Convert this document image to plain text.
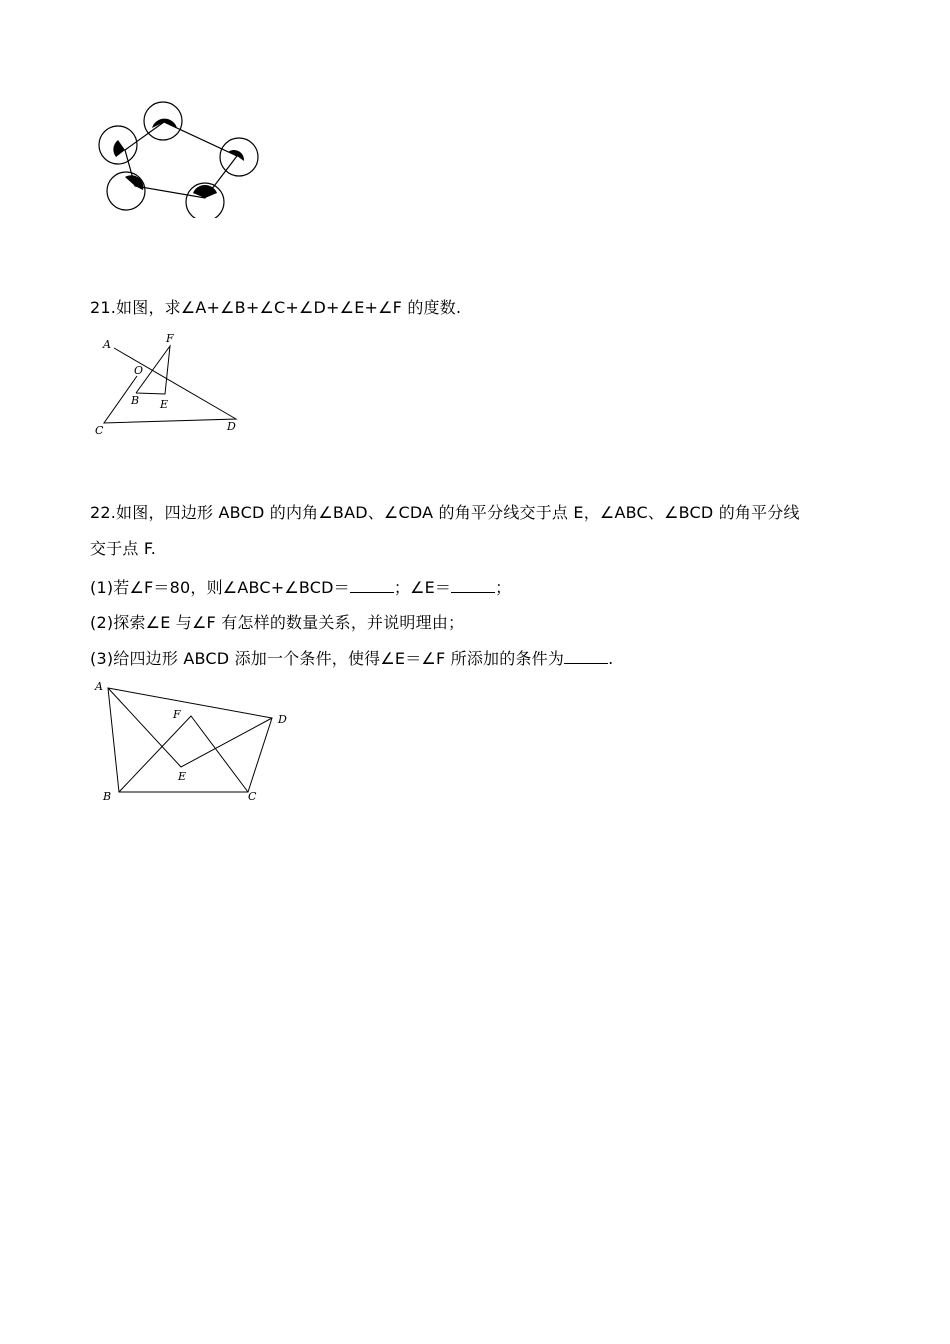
21.如图，求∠A+∠B+∠C+∠D+∠E+∠F 的度数.
A	F
O
B E
C	D
22.如图，四边形 ABCD 的内角∠BAD、∠CDA 的角平分线交于点 E，∠ABC、∠BCD 的角平分线
交于点 F.
(1)若∠F＝80，则∠ABC+∠BCD＝	；∠E＝	；
(2)探索∠E 与∠F 有怎样的数量关系，并说明理由；
(3)给四边形 ABCD 添加一个条件，使得∠E＝∠F 所添加的条件为	.
A
F	D
E
B	C
